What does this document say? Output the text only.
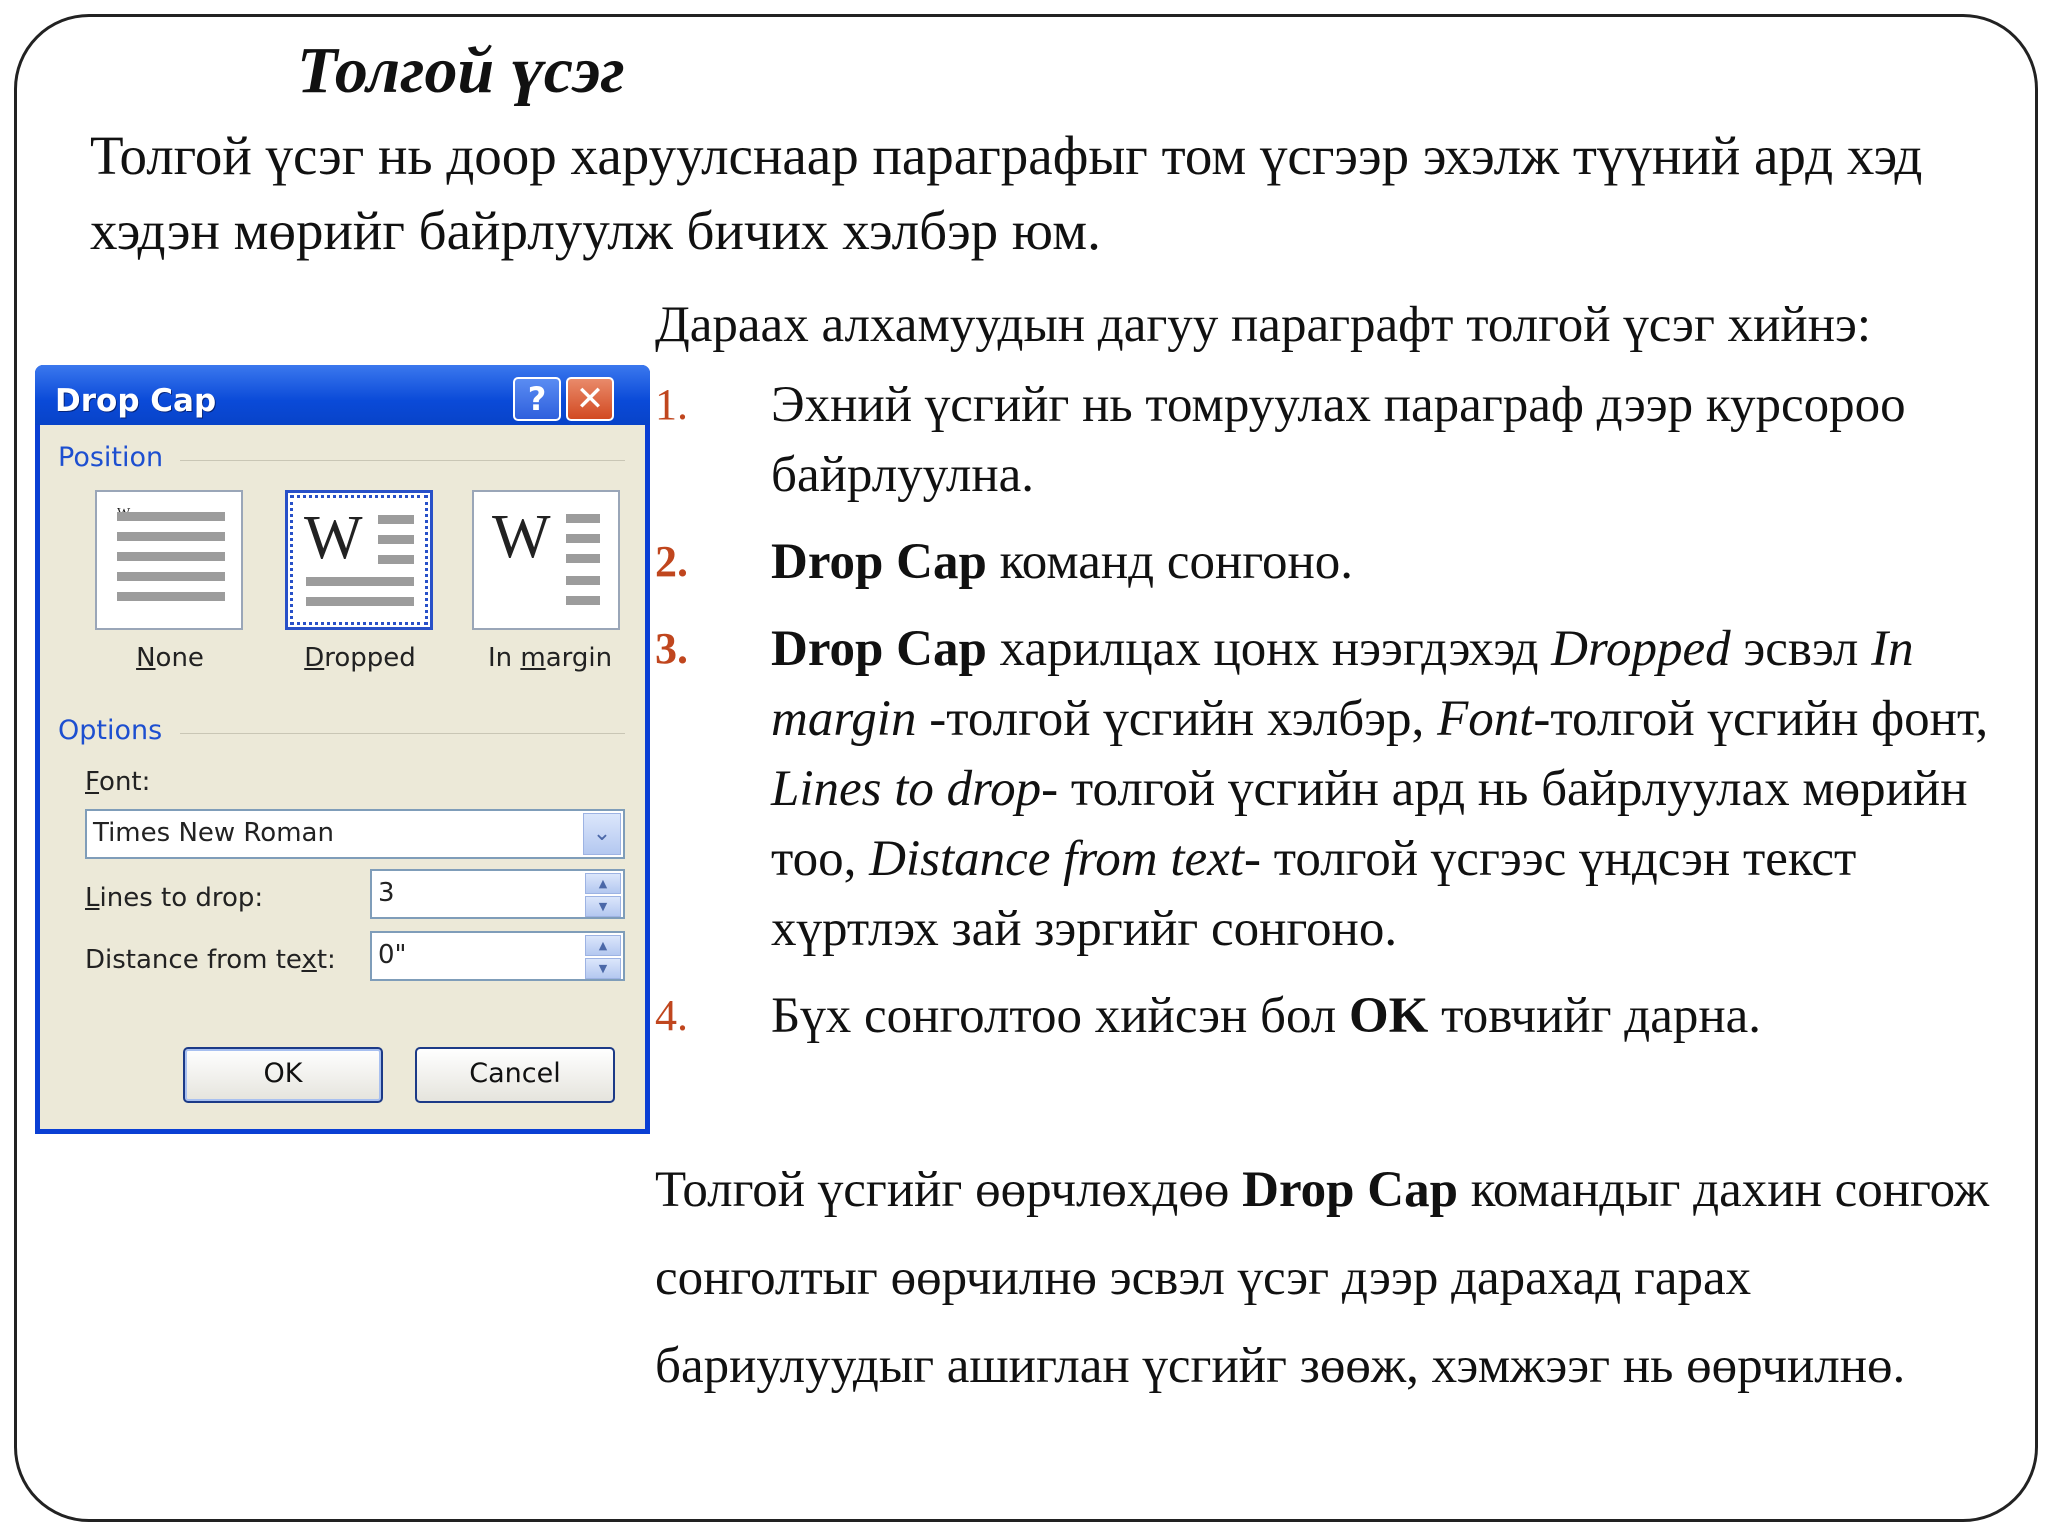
Толгой үсэг
Толгой үсэг нь доор харуулснаар параграфыг том үсгээр эхэлж түүний ард хэд хэдэн мөрийг байрлуулж бичих хэлбэр юм.
Drop Cap	? ✕
Position
None
W
Dropped
W
In margin
Options
Font:
Times New Roman	⌄
Lines to drop:	3	▲
▼
Distance from text: 0"	▲
▼
OK	Cancel

Дараах алхамуудын дагуу параграфт толгой үсэг хийнэ:

1. Эхний үсгийг нь томруулах параграф дээр курсороо байрлуулна.
2. Drop Cap команд сонгоно.
3. Drop Cap харилцах цонх нээгдэхэд Dropped эсвэл In margin -толгой үсгийн хэлбэр, Font-толгой үсгийн фонт, Lines to drop- толгой үсгийн ард нь байрлуулах мөрийн тоо, Distance from text- толгой үсгээс үндсэн текст хүртлэх зай зэргийг сонгоно.
4. Бүх сонголтоо хийсэн бол OK товчийг дарна.
Толгой үсгийг өөрчлөхдөө Drop Cap командыг дахин сонгож сонголтыг өөрчилнө эсвэл үсэг дээр дарахад гарах бариулуудыг ашиглан үсгийг зөөж, хэмжээг нь өөрчилнө.
